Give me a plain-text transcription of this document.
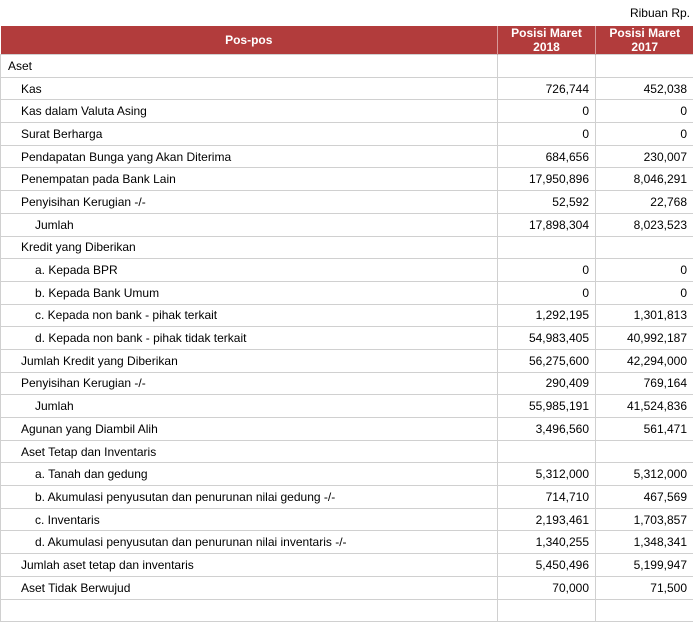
Ribuan Rp.
Pos-pos	Posisi Maret 2018	Posisi Maret 2017
Aset		
Kas	726,744	452,038
Kas dalam Valuta Asing	0	0
Surat Berharga	0	0
Pendapatan Bunga yang Akan Diterima	684,656	230,007
Penempatan pada Bank Lain	17,950,896	8,046,291
Penyisihan Kerugian -/-	52,592	22,768
Jumlah	17,898,304	8,023,523
Kredit yang Diberikan		
a. Kepada BPR	0	0
b. Kepada Bank Umum	0	0
c. Kepada non bank - pihak terkait	1,292,195	1,301,813
d. Kepada non bank - pihak tidak terkait	54,983,405	40,992,187
Jumlah Kredit yang Diberikan	56,275,600	42,294,000
Penyisihan Kerugian -/-	290,409	769,164
Jumlah	55,985,191	41,524,836
Agunan yang Diambil Alih	3,496,560	561,471
Aset Tetap dan Inventaris		
a. Tanah dan gedung	5,312,000	5,312,000
b. Akumulasi penyusutan dan penurunan nilai gedung -/-	714,710	467,569
c. Inventaris	2,193,461	1,703,857
d. Akumulasi penyusutan dan penurunan nilai inventaris -/-	1,340,255	1,348,341
Jumlah aset tetap dan inventaris	5,450,496	5,199,947
Aset Tidak Berwujud	70,000	71,500
